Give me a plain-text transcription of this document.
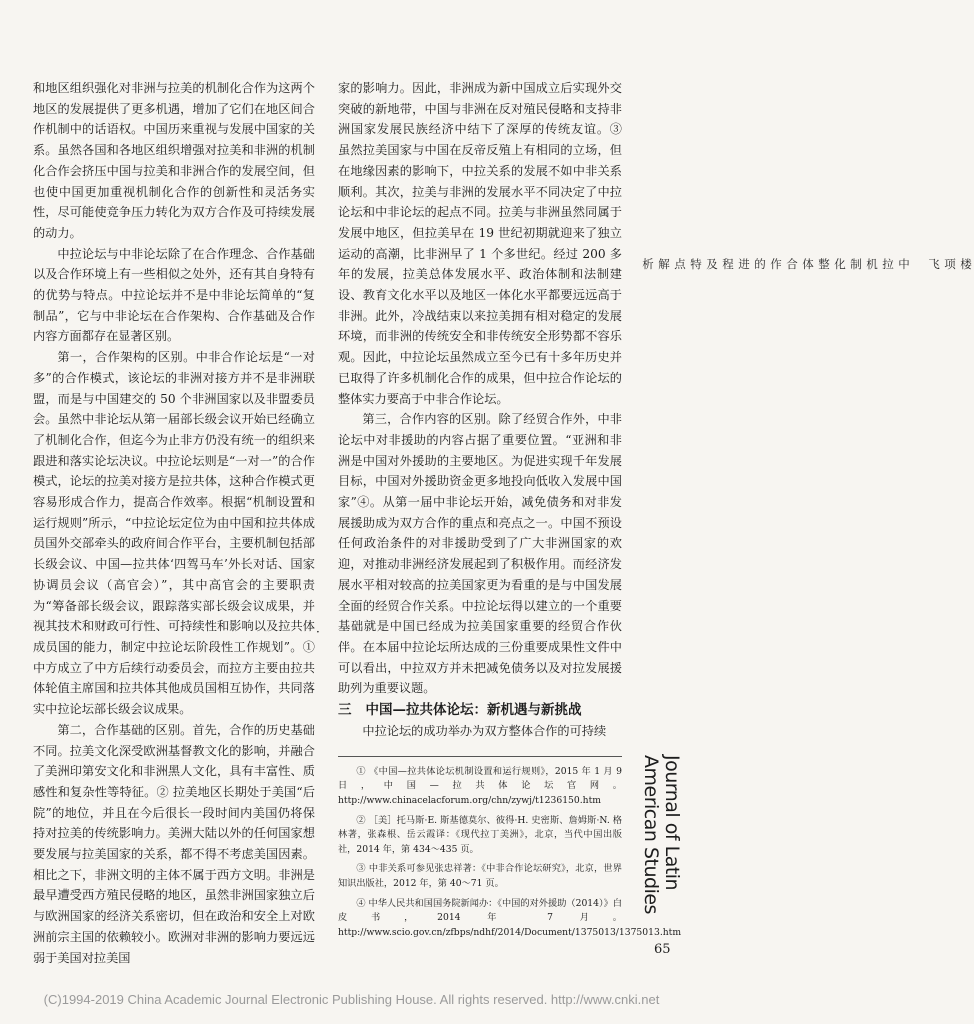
和地区组织强化对非洲与拉美的机制化合作为这两个地区的发展提供了更多机遇，增加了它们在地区间合作机制中的话语权。中国历来重视与发展中国家的关系。虽然各国和各地区组织增强对拉美和非洲的机制化合作会挤压中国与拉美和非洲合作的发展空间，但也使中国更加重视机制化合作的创新性和灵活务实性，尽可能使竞争压力转化为双方合作及可持续发展的动力。

中拉论坛与中非论坛除了在合作理念、合作基础以及合作环境上有一些相似之处外，还有其自身特有的优势与特点。中拉论坛并不是中非论坛简单的“复制品”，它与中非论坛在合作架构、合作基础及合作内容方面都存在显著区别。

第一，合作架构的区别。中非合作论坛是“一对多”的合作模式，该论坛的非洲对接方并不是非洲联盟，而是与中国建交的 50 个非洲国家以及非盟委员会。虽然中非论坛从第一届部长级会议开始已经确立了机制化合作，但迄今为止非方仍没有统一的组织来跟进和落实论坛决议。中拉论坛则是“一对一”的合作模式，论坛的拉美对接方是拉共体，这种合作模式更容易形成合作力，提高合作效率。根据“机制设置和运行规则”所示，“中拉论坛定位为由中国和拉共体成员国外交部牵头的政府间合作平台，主要机制包括部长级会议、中国—拉共体‘四驾马车’外长对话、国家协调员会议（高官会）”，其中高官会的主要职责为“筹备部长级会议，跟踪落实部长级会议成果，并视其技术和财政可行性、可持续性和影响以及拉共体成员国的能力，制定中拉论坛阶段性工作规划”。① 中方成立了中方后续行动委员会，而拉方主要由拉共体轮值主席国和拉共体其他成员国相互协作，共同落实中拉论坛部长级会议成果。

第二，合作基础的区别。首先，合作的历史基础不同。拉美文化深受欧洲基督教文化的影响，并融合了美洲印第安文化和非洲黑人文化，具有丰富性、质感性和复杂性等特征。② 拉美地区长期处于美国“后院”的地位，并且在今后很长一段时间内美国仍将保持对拉美的传统影响力。美洲大陆以外的任何国家想要发展与拉美国家的关系，都不得不考虑美国因素。相比之下，非洲文明的主体不属于西方文明。非洲是最早遭受西方殖民侵略的地区，虽然非洲国家独立后与欧洲国家的经济关系密切，但在政治和安全上对欧洲前宗主国的依赖较小。欧洲对非洲的影响力要远远弱于美国对拉美国

·

家的影响力。因此，非洲成为新中国成立后实现外交突破的新地带，中国与非洲在反对殖民侵略和支持非洲国家发展民族经济中结下了深厚的传统友谊。③ 虽然拉美国家与中国在反帝反殖上有相同的立场，但在地缘因素的影响下，中拉关系的发展不如中非关系顺利。其次，拉美与非洲的发展水平不同决定了中拉论坛和中非论坛的起点不同。拉美与非洲虽然同属于发展中地区，但拉美早在 19 世纪初期就迎来了独立运动的高潮，比非洲早了 1 个多世纪。经过 200 多年的发展，拉美总体发展水平、政治体制和法制建设、教育文化水平以及地区一体化水平都要远远高于非洲。此外，冷战结束以来拉美拥有相对稳定的发展环境，而非洲的传统安全和非传统安全形势都不容乐观。因此，中拉论坛虽然成立至今已有十多年历史并已取得了许多机制化合作的成果，但中拉合作论坛的整体实力要高于中非合作论坛。

第三，合作内容的区别。除了经贸合作外，中非论坛中对非援助的内容占据了重要位置。“亚洲和非洲是中国对外援助的主要地区。为促进实现千年发展目标，中国对外援助资金更多地投向低收入发展中国家”④。从第一届中非论坛开始，减免债务和对非发展援助成为双方合作的重点和亮点之一。中国不预设任何政治条件的对非援助受到了广大非洲国家的欢迎，对推动非洲经济发展起到了积极作用。而经济发展水平相对较高的拉美国家更为看重的是与中国发展全面的经贸合作关系。中拉论坛得以建立的一个重要基础就是中国已经成为拉美国家重要的经贸合作伙伴。在本届中拉论坛所达成的三份重要成果性文件中可以看出，中拉双方并未把减免债务以及对拉发展援助列为重要议题。

三 中国—拉共体论坛：新机遇与新挑战

中拉论坛的成功举办为双方整体合作的可持续

① 《中国—拉共体论坛机制设置和运行规则》，2015 年 1 月 9 日，中国—拉共体论坛官网。http://www.chinacelacforum.org/chn/zywj/t1236150.htm

② ［美］托马斯·E. 斯基德莫尔、彼得·H. 史密斯、詹姆斯·N. 格林著，张森根、岳云霞译：《现代拉丁美洲》，北京，当代中国出版社，2014 年，第 434～435 页。

③ 中非关系可参见张忠祥著：《中非合作论坛研究》，北京，世界知识出版社，2012 年，第 40～71 页。

④ 中华人民共和国国务院新闻办：《中国的对外援助（2014）》白皮书，2014 年 7 月。http://www.scio.gov.cn/zfbps/ndhf/2014/Document/1375013/1375013.htm

楼项飞中拉机制化整体合作的进程及特点解析
Journal of Latin American Studies
65
(C)1994-2019 China Academic Journal Electronic Publishing House. All rights reserved. http://www.cnki.net
